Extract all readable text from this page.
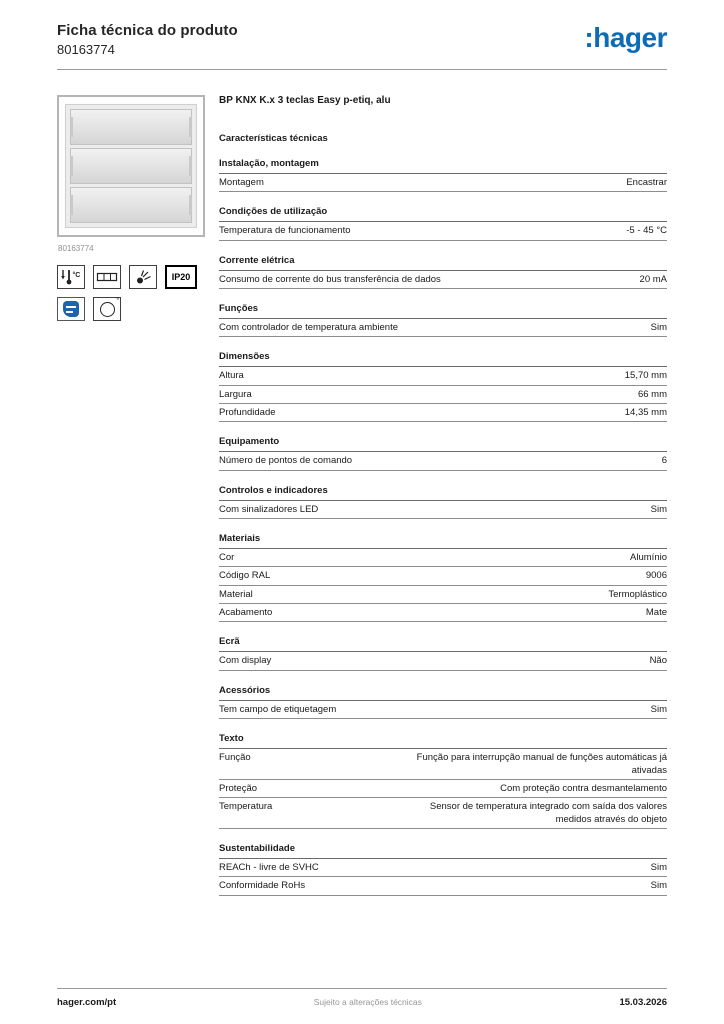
Ficha técnica do produto
80163774	:hager
80163774
°C	IP20
°
BP KNX K.x 3 teclas Easy p-etiq, alu
Características técnicas
Instalação, montagem
Montagem	Encastrar
Condições de utilização
Temperatura de funcionamento	-5 - 45 °C
Corrente elétrica
Consumo de corrente do bus transferência de dados	20 mA
Funções
Com controlador de temperatura ambiente	Sim
Dimensões
Altura	15,70 mm
Largura	66 mm
Profundidade	14,35 mm
Equipamento
Número de pontos de comando	6
Controlos e indicadores
Com sinalizadores LED	Sim
Materiais
Cor	Alumínio
Código RAL	9006
Material	Termoplástico
Acabamento	Mate
Ecrã
Com display	Não
Acessórios
Tem campo de etiquetagem	Sim
Texto
Função	Função para interrupção manual de funções automáticas já ativadas
Proteção	Com proteção contra desmantelamento
Temperatura	Sensor de temperatura integrado com saída dos valores medidos através do objeto
Sustentabilidade
REACh - livre de SVHC	Sim
Conformidade RoHs	Sim
hager.com/pt	Sujeito a alterações técnicas	15.03.2026
